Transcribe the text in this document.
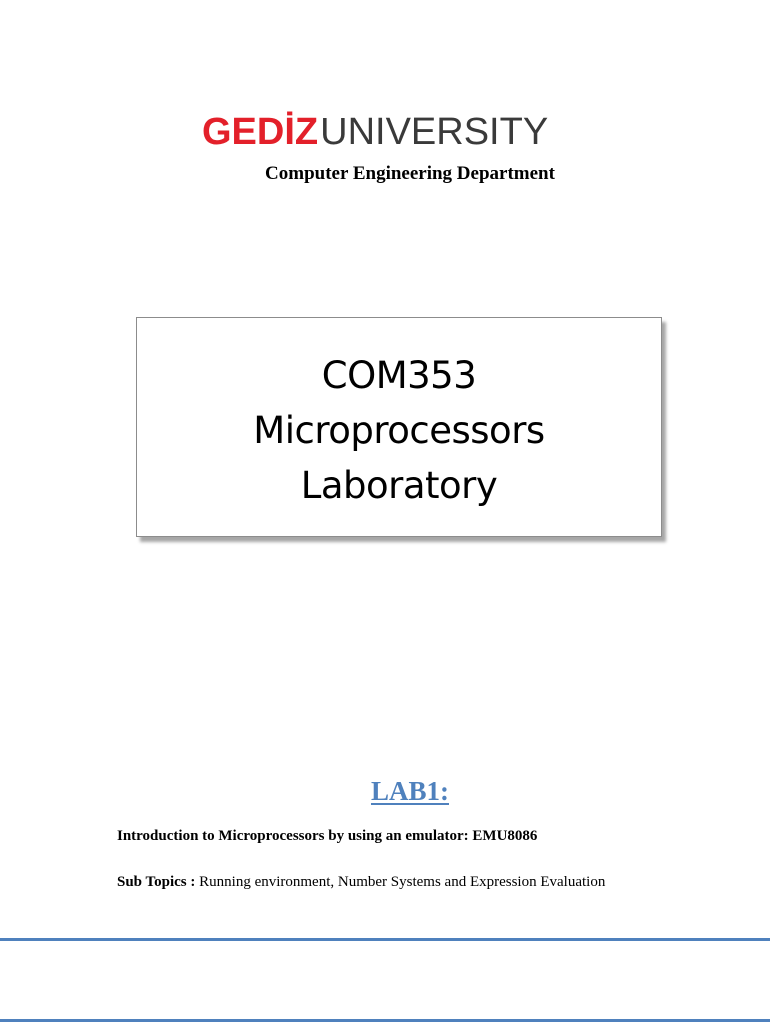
GEDİZ UNIVERSITY
Computer Engineering Department
COM353
Microprocessors
Laboratory
LAB1:
Introduction to Microprocessors by using an emulator: EMU8086
Sub Topics : Running environment, Number Systems and Expression Evaluation
